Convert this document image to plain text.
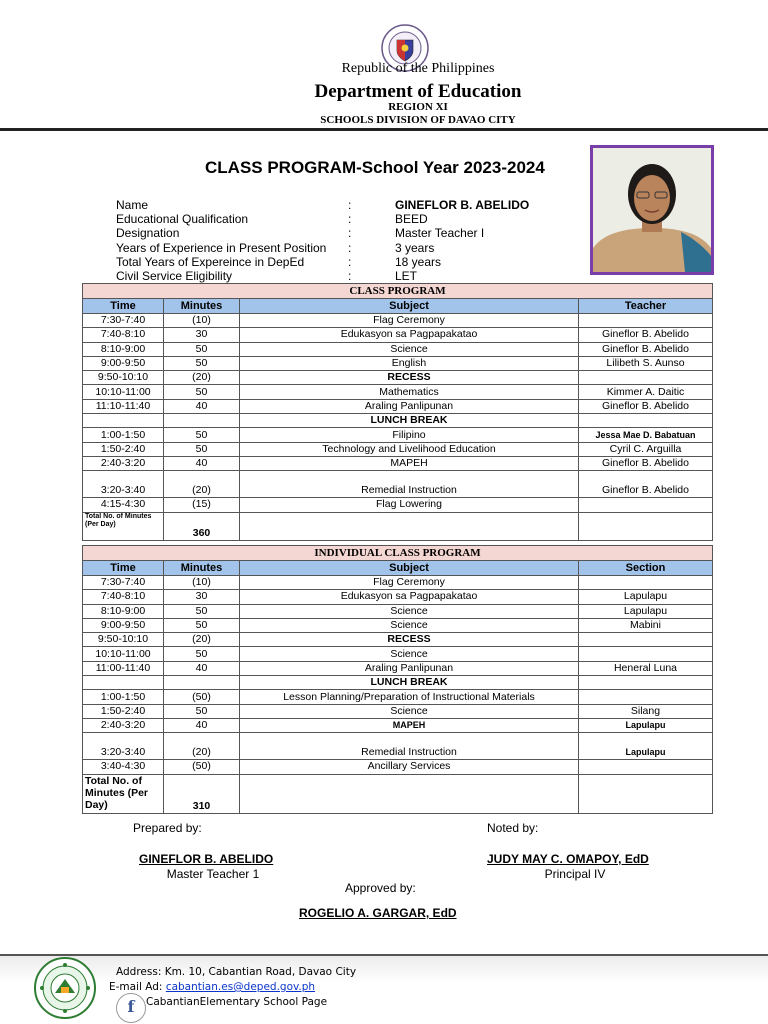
Republic of the Philippines
Department of Education
REGION XI
SCHOOLS DIVISION OF DAVAO CITY
CLASS PROGRAM-School Year 2023-2024
Name	:	GINEFLOR B. ABELIDO
Educational Qualification	:	BEED
Designation	:	Master Teacher I
Years of Experience in Present Position :	3 years
Total Years of Expereince in DepEd	:	18 years
Civil Service Eligibility	:	LET
CLASS PROGRAM			
Time	Minutes	Subject	Teacher
7:30-7:40	(10)	Flag Ceremony	
7:40-8:10	30	Edukasyon sa Pagpapakatao	Gineflor B. Abelido
8:10-9:00	50	Science	Gineflor B. Abelido
9:00-9:50	50	English	Lilibeth S. Aunso
9:50-10:10	(20)	RECESS	
10:10-11:00	50	Mathematics	Kimmer A. Daitic
11:10-11:40	40	Araling Panlipunan	Gineflor B. Abelido
		LUNCH BREAK	
1:00-1:50	50	Filipino	Jessa Mae D. Babatuan
1:50-2:40	50	Technology and Livelihood Education	Cyril C. Arguilla
2:40-3:20	40	MAPEH	Gineflor B. Abelido
3:20-3:40	(20)	Remedial Instruction	Gineflor B. Abelido
4:15-4:30	(15)	Flag Lowering	
Total No. of Minutes (Per Day)	360		
INDIVIDUAL CLASS PROGRAM			
Time	Minutes	Subject	Section
7:30-7:40	(10)	Flag Ceremony	
7:40-8:10	30	Edukasyon sa Pagpapakatao	Lapulapu
8:10-9:00	50	Science	Lapulapu
9:00-9:50	50	Science	Mabini
9:50-10:10	(20)	RECESS	
10:10-11:00	50	Science	
11:00-11:40	40	Araling Panlipunan	Heneral Luna
		LUNCH BREAK	
1:00-1:50	(50)	Lesson Planning/Preparation of Instructional Materials	
1:50-2:40	50	Science	Silang
2:40-3:20	40	MAPEH	Lapulapu
3:20-3:40	(20)	Remedial Instruction	Lapulapu
3:40-4:30	(50)	Ancillary Services	
Total No. of Minutes (Per Day)	310		
Prepared by:	Noted by:
GINEFLOR B. ABELIDO
Master Teacher 1
JUDY MAY C. OMAPOY, EdD
Principal IV
Approved by:
ROGELIO A. GARGAR, EdD
Address: Km. 10, Cabantian Road, Davao City
E-mail Ad: cabantian.es@deped.gov.ph
f	CabantianElementary School Page
